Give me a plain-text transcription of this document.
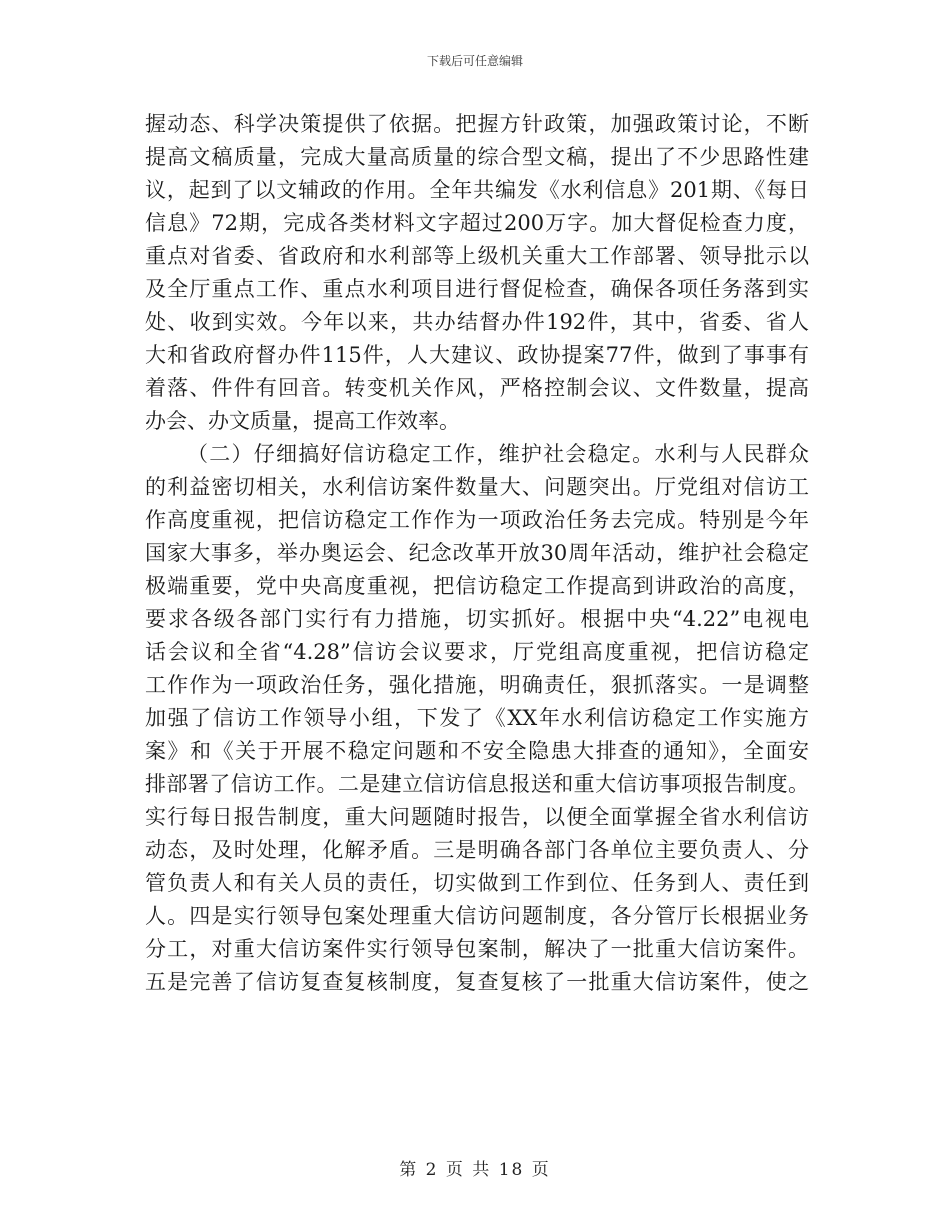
下载后可任意编辑
握动态、科学决策提供了依据。把握方针政策，加强政策讨论，不断
提高文稿质量，完成大量高质量的综合型文稿，提出了不少思路性建
议，起到了以文辅政的作用。全年共编发《水利信息》201期、《每日
信息》72期，完成各类材料文字超过200万字。加大督促检查力度，
重点对省委、省政府和水利部等上级机关重大工作部署、领导批示以
及全厅重点工作、重点水利项目进行督促检查，确保各项任务落到实
处、收到实效。今年以来，共办结督办件192件，其中，省委、省人
大和省政府督办件115件，人大建议、政协提案77件，做到了事事有
着落、件件有回音。转变机关作风，严格控制会议、文件数量，提高
办会、办文质量，提高工作效率。
（二）仔细搞好信访稳定工作，维护社会稳定。水利与人民群众
的利益密切相关，水利信访案件数量大、问题突出。厅党组对信访工
作高度重视，把信访稳定工作作为一项政治任务去完成。特别是今年
国家大事多，举办奥运会、纪念改革开放30周年活动，维护社会稳定
极端重要，党中央高度重视，把信访稳定工作提高到讲政治的高度，
要求各级各部门实行有力措施，切实抓好。根据中央“4.22”电视电
话会议和全省“4.28”信访会议要求，厅党组高度重视，把信访稳定
工作作为一项政治任务，强化措施，明确责任，狠抓落实。一是调整
加强了信访工作领导小组，下发了《XX年水利信访稳定工作实施方
案》和《关于开展不稳定问题和不安全隐患大排查的通知》，全面安
排部署了信访工作。二是建立信访信息报送和重大信访事项报告制度。
实行每日报告制度，重大问题随时报告，以便全面掌握全省水利信访
动态，及时处理，化解矛盾。三是明确各部门各单位主要负责人、分
管负责人和有关人员的责任，切实做到工作到位、任务到人、责任到
人。四是实行领导包案处理重大信访问题制度，各分管厅长根据业务
分工，对重大信访案件实行领导包案制，解决了一批重大信访案件。
五是完善了信访复查复核制度，复查复核了一批重大信访案件，使之
第 2 页 共 18 页
